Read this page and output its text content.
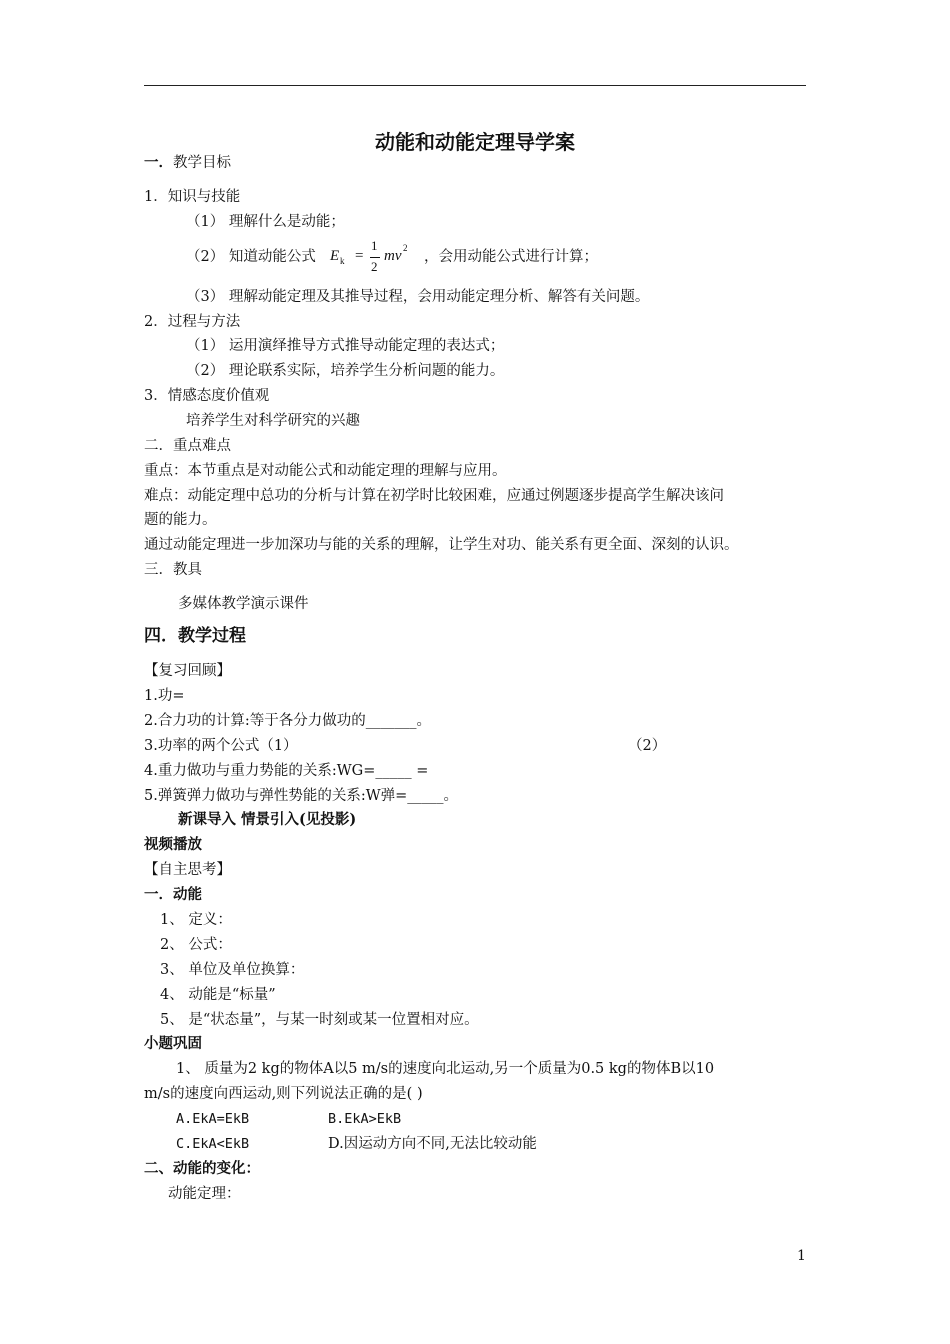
动能和动能定理导学案
一．教学目标
1．知识与技能
（1） 理解什么是动能；
（2） 知道动能公式 E k =
1
2
mv 2
，会用动能公式进行计算；
（3） 理解动能定理及其推导过程，会用动能定理分析、解答有关问题。
2．过程与方法
（1） 运用演绎推导方式推导动能定理的表达式；
（2） 理论联系实际，培养学生分析问题的能力。
3．情感态度价值观
培养学生对科学研究的兴趣
二．重点难点
重点：本节重点是对动能公式和动能定理的理解与应用。
难点：动能定理中总功的分析与计算在初学时比较困难，应通过例题逐步提高学生解决该问
题的能力。
通过动能定理进一步加深功与能的关系的理解，让学生对功、能关系有更全面、深刻的认识。
三．教具
多媒体教学演示课件
四．教学过程
【复习回顾】
1.功=
2.合力功的计算:等于各分力做功的_______。
3.功率的两个公式（1）	（2）
4.重力做功与重力势能的关系:WG=_____ =
5.弹簧弹力做功与弹性势能的关系:W弹=_____。
新课导入 情景引入(见投影)
视频播放
【自主思考】
一．动能
1、 定义：
2、 公式：
3、 单位及单位换算：
4、 动能是“标量”
5、 是“状态量”，与某一时刻或某一位置相对应。
小题巩固
1、 质量为2 kg的物体A以5 m/s的速度向北运动,另一个质量为0.5 kg的物体B以10
m/s的速度向西运动,则下列说法正确的是( )
A.EkA=EkB	B.EkA>EkB
C.EkA<EkB	D.因运动方向不同,无法比较动能
二、动能的变化：
动能定理：
1
